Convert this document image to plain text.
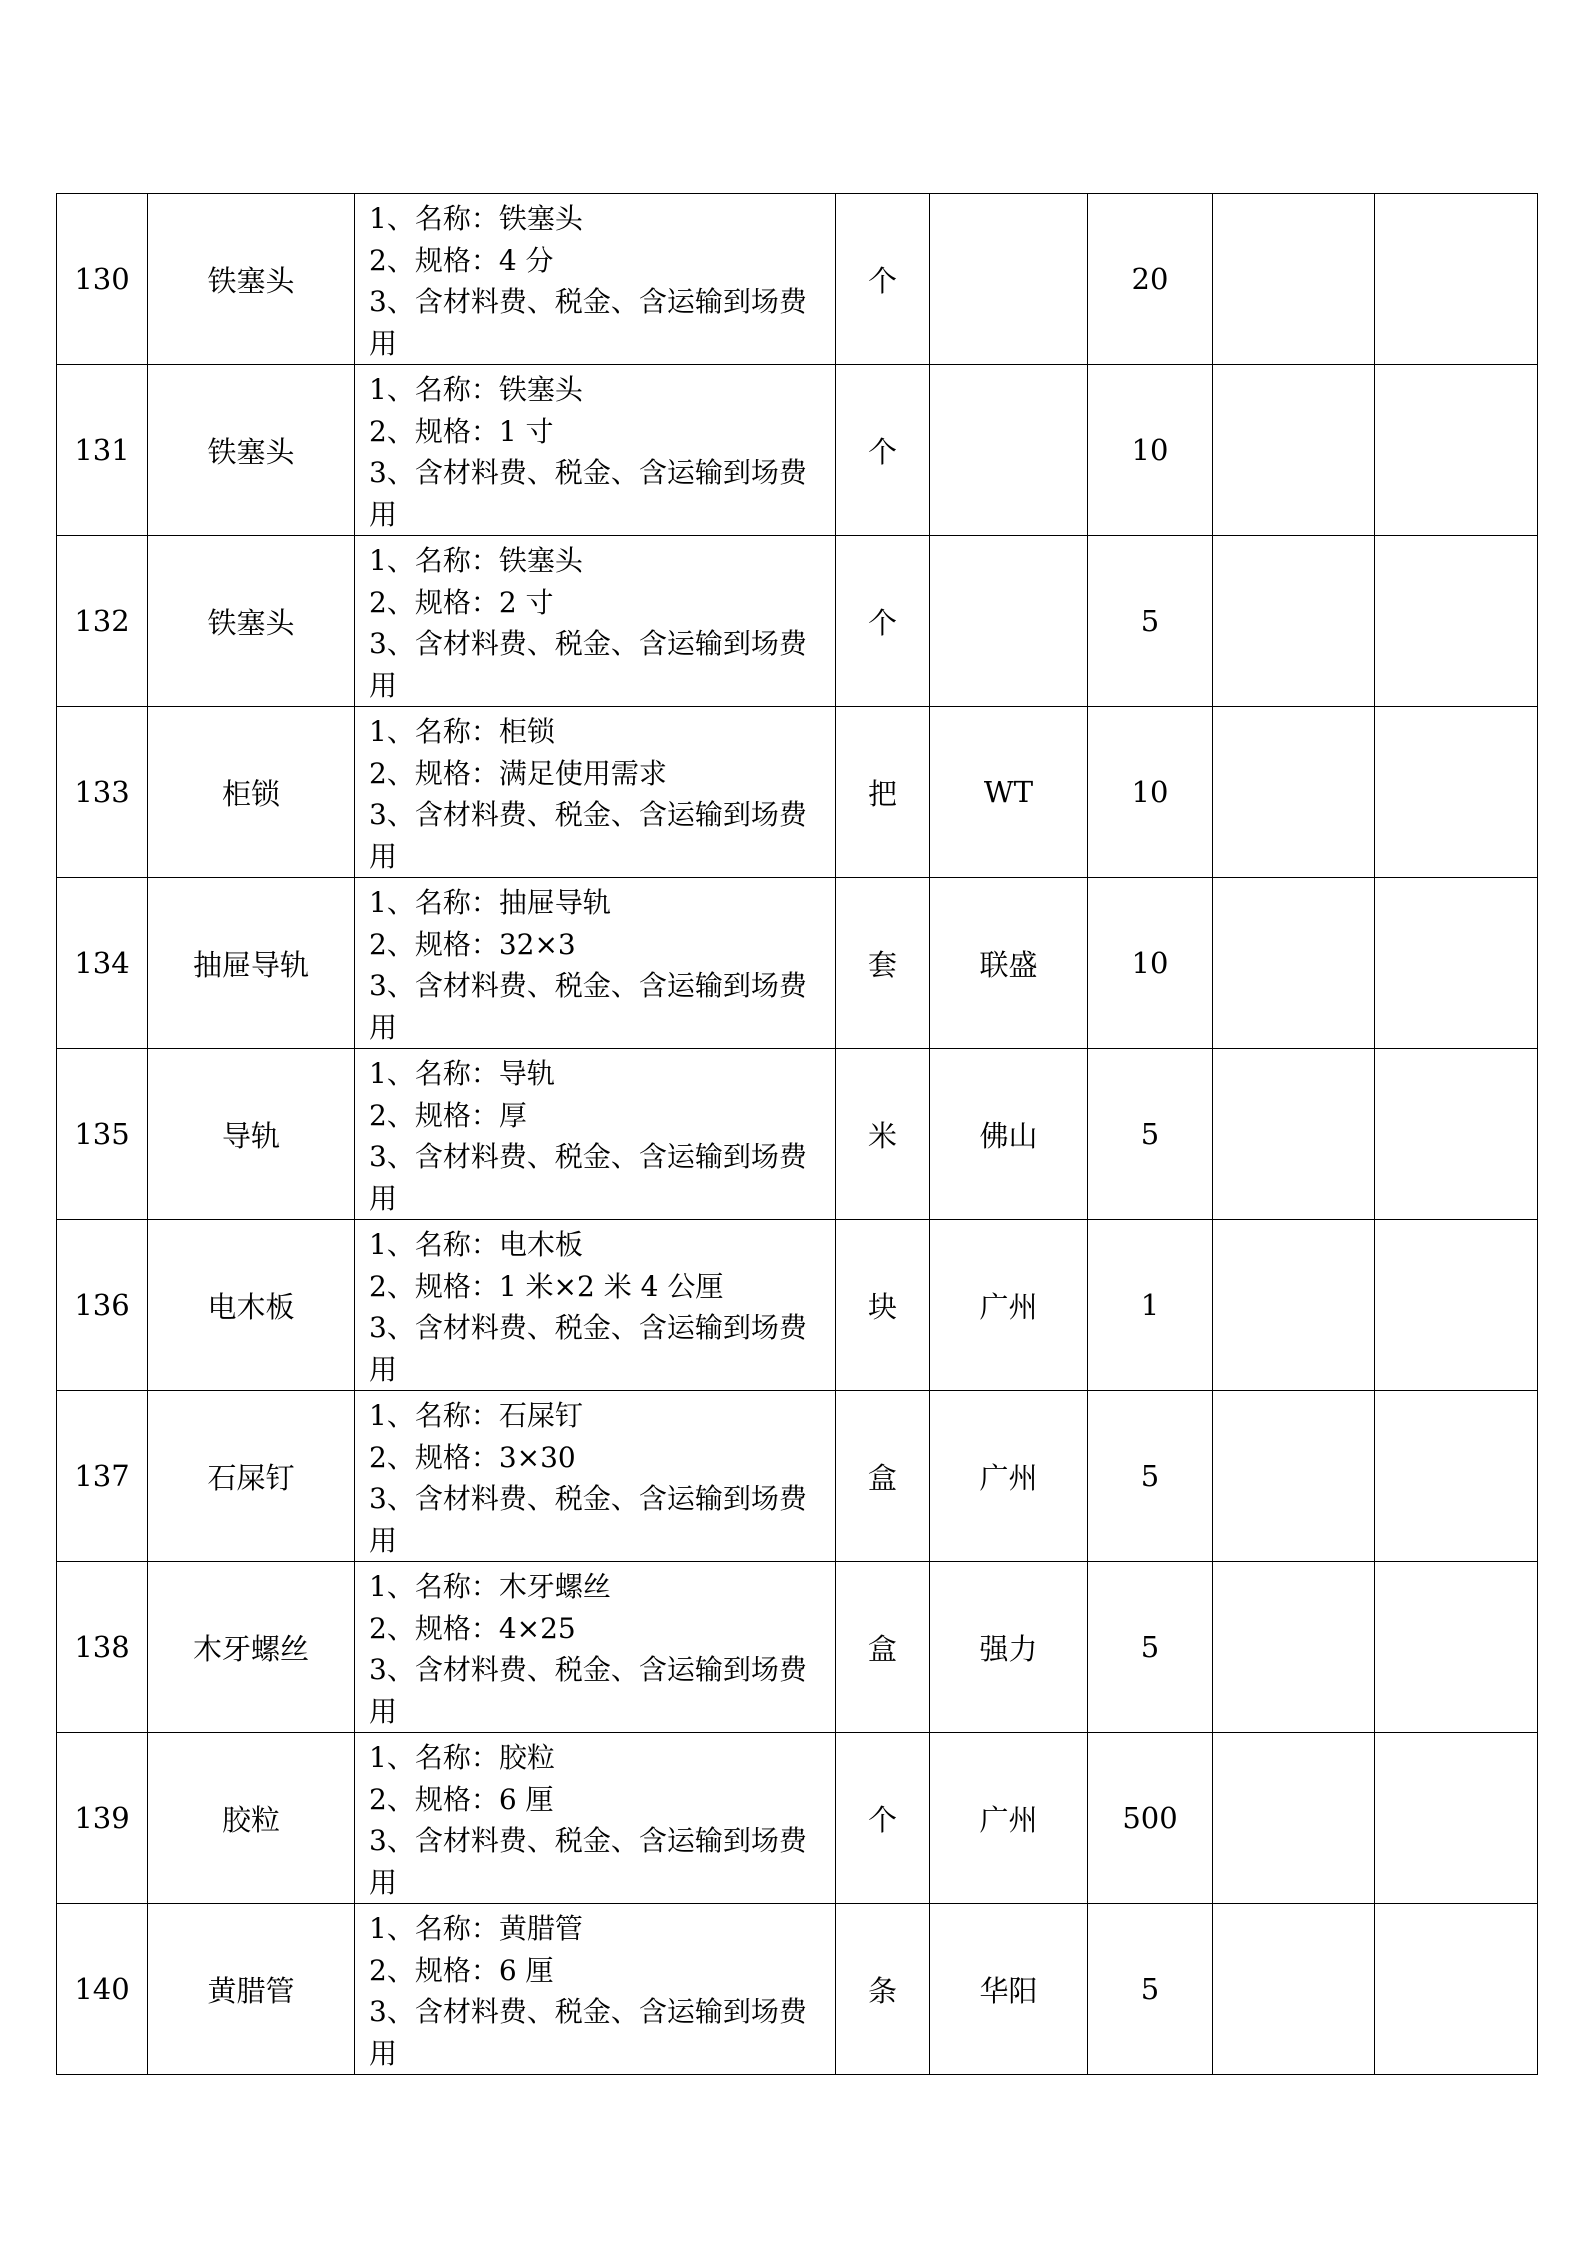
130	铁塞头	1、名称：铁塞头
2、规格：4 分
3、含材料费、税金、含运输到场费用	个		20		
131	铁塞头	1、名称：铁塞头
2、规格：1 寸
3、含材料费、税金、含运输到场费用	个		10		
132	铁塞头	1、名称：铁塞头
2、规格：2 寸
3、含材料费、税金、含运输到场费用	个		5		
133	柜锁	1、名称：柜锁
2、规格：满足使用需求
3、含材料费、税金、含运输到场费用	把	WT	10		
134	抽屉导轨	1、名称：抽屉导轨
2、规格：32×3
3、含材料费、税金、含运输到场费用	套	联盛	10		
135	导轨	1、名称：导轨
2、规格：厚
3、含材料费、税金、含运输到场费用	米	佛山	5		
136	电木板	1、名称：电木板
2、规格：1 米×2 米 4 公厘
3、含材料费、税金、含运输到场费用	块	广州	1		
137	石屎钉	1、名称：石屎钉
2、规格：3×30
3、含材料费、税金、含运输到场费用	盒	广州	5		
138	木牙螺丝	1、名称：木牙螺丝
2、规格：4×25
3、含材料费、税金、含运输到场费用	盒	强力	5		
139	胶粒	1、名称：胶粒
2、规格：6 厘
3、含材料费、税金、含运输到场费用	个	广州	500		
140	黄腊管	1、名称：黄腊管
2、规格：6 厘
3、含材料费、税金、含运输到场费用	条	华阳	5		
